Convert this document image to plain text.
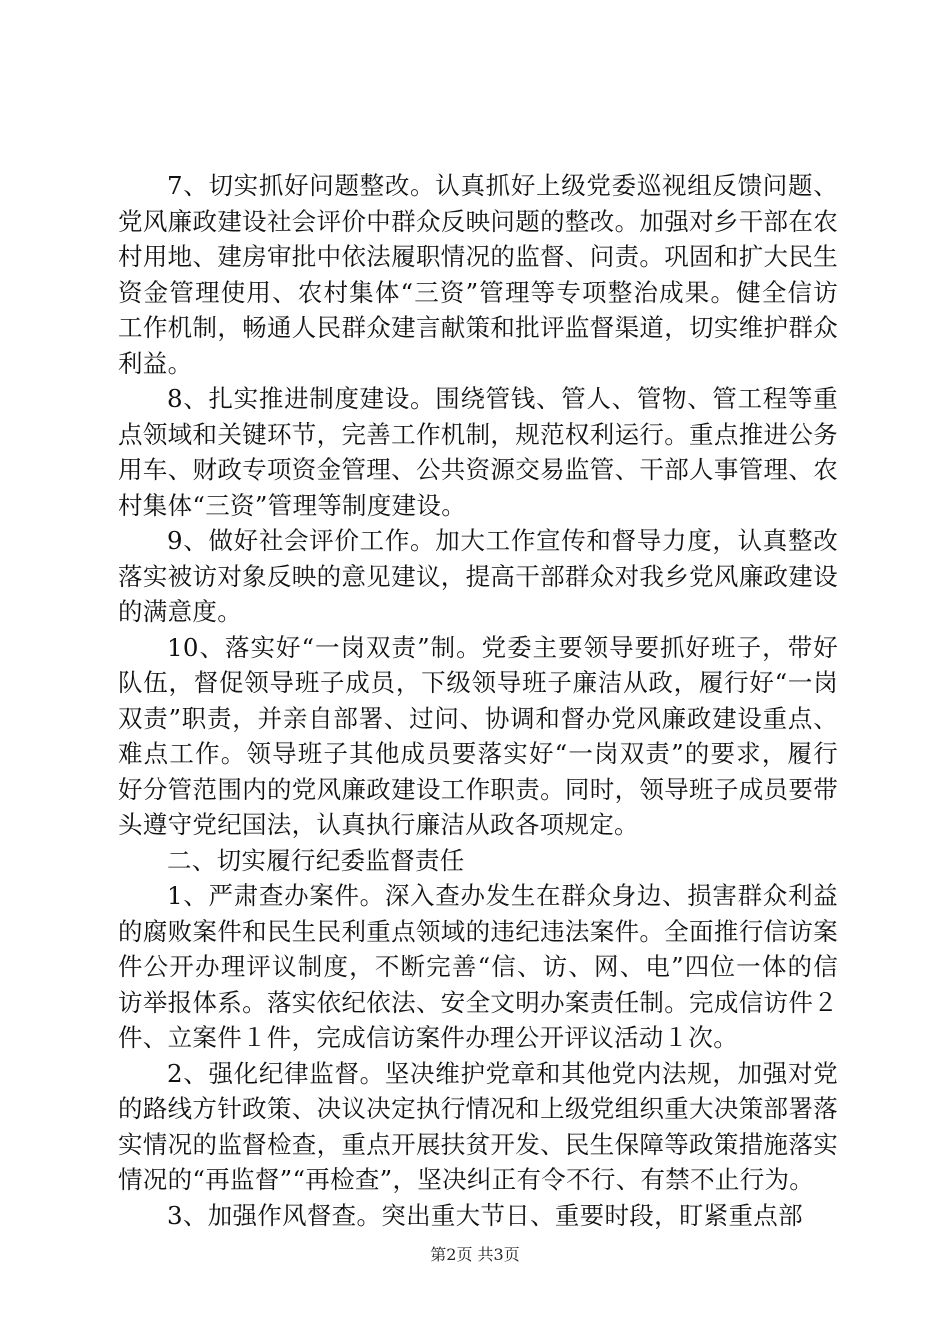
7、切实抓好问题整改。认真抓好上级党委巡视组反馈问题、党风廉政建设社会评价中群众反映问题的整改。加强对乡干部在农村用地、建房审批中依法履职情况的监督、问责。巩固和扩大民生资金管理使用、农村集体“三资”管理等专项整治成果。健全信访工作机制，畅通人民群众建言献策和批评监督渠道，切实维护群众利益。

8、扎实推进制度建设。围绕管钱、管人、管物、管工程等重点领域和关键环节，完善工作机制，规范权利运行。重点推进公务用车、财政专项资金管理、公共资源交易监管、干部人事管理、农村集体“三资”管理等制度建设。

9、做好社会评价工作。加大工作宣传和督导力度，认真整改落实被访对象反映的意见建议，提高干部群众对我乡党风廉政建设的满意度。

10、落实好“一岗双责”制。党委主要领导要抓好班子，带好队伍，督促领导班子成员，下级领导班子廉洁从政，履行好“一岗双责”职责，并亲自部署、过问、协调和督办党风廉政建设重点、难点工作。领导班子其他成员要落实好“一岗双责”的要求，履行好分管范围内的党风廉政建设工作职责。同时，领导班子成员要带头遵守党纪国法，认真执行廉洁从政各项规定。

二、切实履行纪委监督责任

1、严肃查办案件。深入查办发生在群众身边、损害群众利益的腐败案件和民生民利重点领域的违纪违法案件。全面推行信访案件公开办理评议制度，不断完善“信、访、网、电”四位一体的信访举报体系。落实依纪依法、安全文明办案责任制。完成信访件２件、立案件１件，完成信访案件办理公开评议活动１次。

2、强化纪律监督。坚决维护党章和其他党内法规，加强对党的路线方针政策、决议决定执行情况和上级党组织重大决策部署落实情况的监督检查，重点开展扶贫开发、民生保障等政策措施落实情况的“再监督”“再检查”，坚决纠正有令不行、有禁不止行为。

3、加强作风督查。突出重大节日、重要时段，盯紧重点部

第2页 共3页
